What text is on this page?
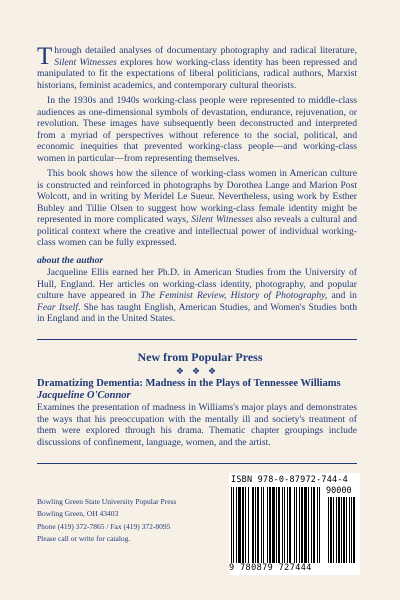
Through detailed analyses of documentary photography and radical literature, Silent Witnesses explores how working-class identity has been repressed and manipulated to fit the expectations of liberal politicians, radical authors, Marxist historians, feminist academics, and contemporary cultural theorists.

In the 1930s and 1940s working-class people were represented to middle-class audiences as one-dimensional symbols of devastation, endurance, rejuvenation, or revolution. These images have subsequently been deconstructed and interpreted from a myriad of perspectives without reference to the social, political, and economic inequities that prevented working-class people—and working-class women in particular—from representing themselves.

This book shows how the silence of working-class women in American culture is constructed and reinforced in photographs by Dorothea Lange and Marion Post Wolcott, and in writing by Meridel Le Sueur. Nevertheless, using work by Esther Bubley and Tillie Olsen to suggest how working-class female identity might be represented in more complicated ways, Silent Witnesses also reveals a cultural and political context where the creative and intellectual power of individual working-class women can be fully expressed.

about the author

Jacqueline Ellis earned her Ph.D. in American Studies from the University of Hull, England. Her articles on working-class identity, photography, and popular culture have appeared in The Feminist Review, History of Photography, and in Fear Itself. She has taught English, American Studies, and Women's Studies both in England and in the United States.

New from Popular Press
❖❖❖
Dramatizing Dementia: Madness in the Plays of Tennessee Williams
Jacqueline O'Connor

Examines the presentation of madness in Williams's major plays and demonstrates the ways that his preoccupation with the mentally ill and society's treatment of them were explored through his drama. Thematic chapter groupings include discussions of confinement, language, women, and the artist.

Bowling Green State University Popular Press
Bowling Green, OH 43403
Phone (419) 372-7865 / Fax (419) 372-8095
Please call or write for catalog.
ISBN 978-0-87972-744-4
90000
9 780879 727444
